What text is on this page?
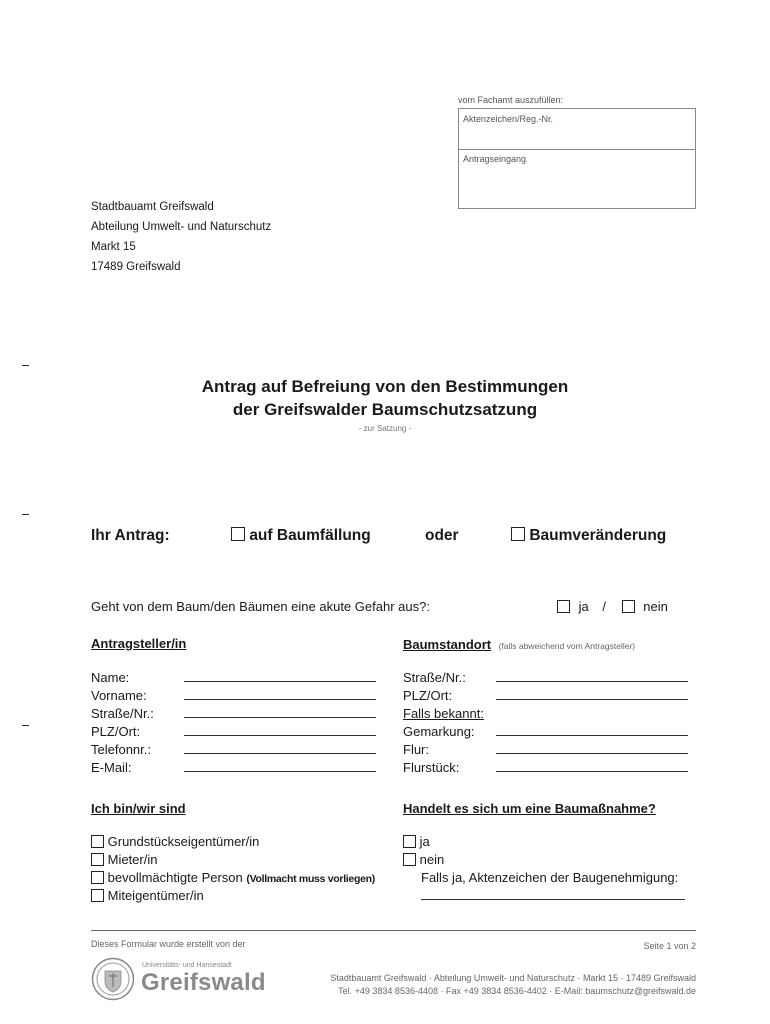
vom Fachamt auszufüllen:
Aktenzeichen/Reg.-Nr.
Antragseingang
Stadtbauamt Greifswald
Abteilung Umwelt- und Naturschutz
Markt 15
17489 Greifswald
Antrag auf Befreiung von den Bestimmungen
der Greifswalder Baumschutzsatzung
- zur Satzung -
Ihr Antrag:	auf Baumfällung	oder	Baumveränderung
Geht von dem Baum/den Bäumen eine akute Gefahr aus?:	ja /	nein
Antragsteller/in
Name:
Vorname:
Straße/Nr.:
PLZ/Ort:
Telefonnr.:
E-Mail:
Baumstandort (falls abweichend vom Antragsteller)
Straße/Nr.:
PLZ/Ort:
Falls bekannt:
Gemarkung:
Flur:
Flurstück:
Ich bin/wir sind
Grundstückseigentümer/in
Mieter/in
bevollmächtigte Person (Vollmacht muss vorliegen)
Miteigentümer/in
Handelt es sich um eine Baumaßnahme?
ja
nein
Falls ja, Aktenzeichen der Baugenehmigung:
Dieses Formular wurde erstellt von der	Seite 1 von 2
Universitäts- und Hansestadt
Greifswald	Stadtbauamt Greifswald · Abteilung Umwelt- und Naturschutz · Markt 15 · 17489 Greifswald
Tel. +49 3834 8536-4408 · Fax +49 3834 8536-4402 · E-Mail: baumschutz@greifswald.de
